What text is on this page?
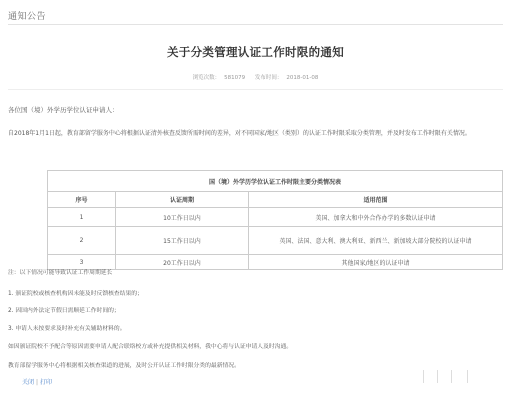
通知公告
关于分类管理认证工作时限的通知
浏览次数： 581079 发布时间： 2018-01-08
各位国（境）外学历学位认证申请人：
自2018年1月1日起，教育部留学服务中心将根据认证清外核查反馈所需时间的差异，对不同国家/地区（类别）的认证工作时限采取分类管理，并及时发布工作时限有关情况。
国（境）外学历学位认证工作时限主要分类情况表		
序号	认证周期	适用范围
1	10工作日以内	美国、加拿大和中外合作办学的多数认证申请
2	15工作日以内	英国、法国、意大利、澳大利亚、新西兰、新加坡大部分院校的认证申请
3	20工作日以内	其他国家/地区的认证申请
注：以下情况可能导致认证工作周期延长
1. 颁证院校或核查机构因未能及时反馈核查结果的；
2. 因国内外法定节假日需顺延工作时间的；
3. 申请人未按要求及时补充有关辅助材料的。
如因颁证院校不予配合等原因需要申请人配合联络校方或补充提供相关材料，我中心将与认证申请人及时沟通。
教育部留学服务中心将根据相关核查渠道的进展，及时公开认证工作时限分类的最新情况。
关闭 | 打印
